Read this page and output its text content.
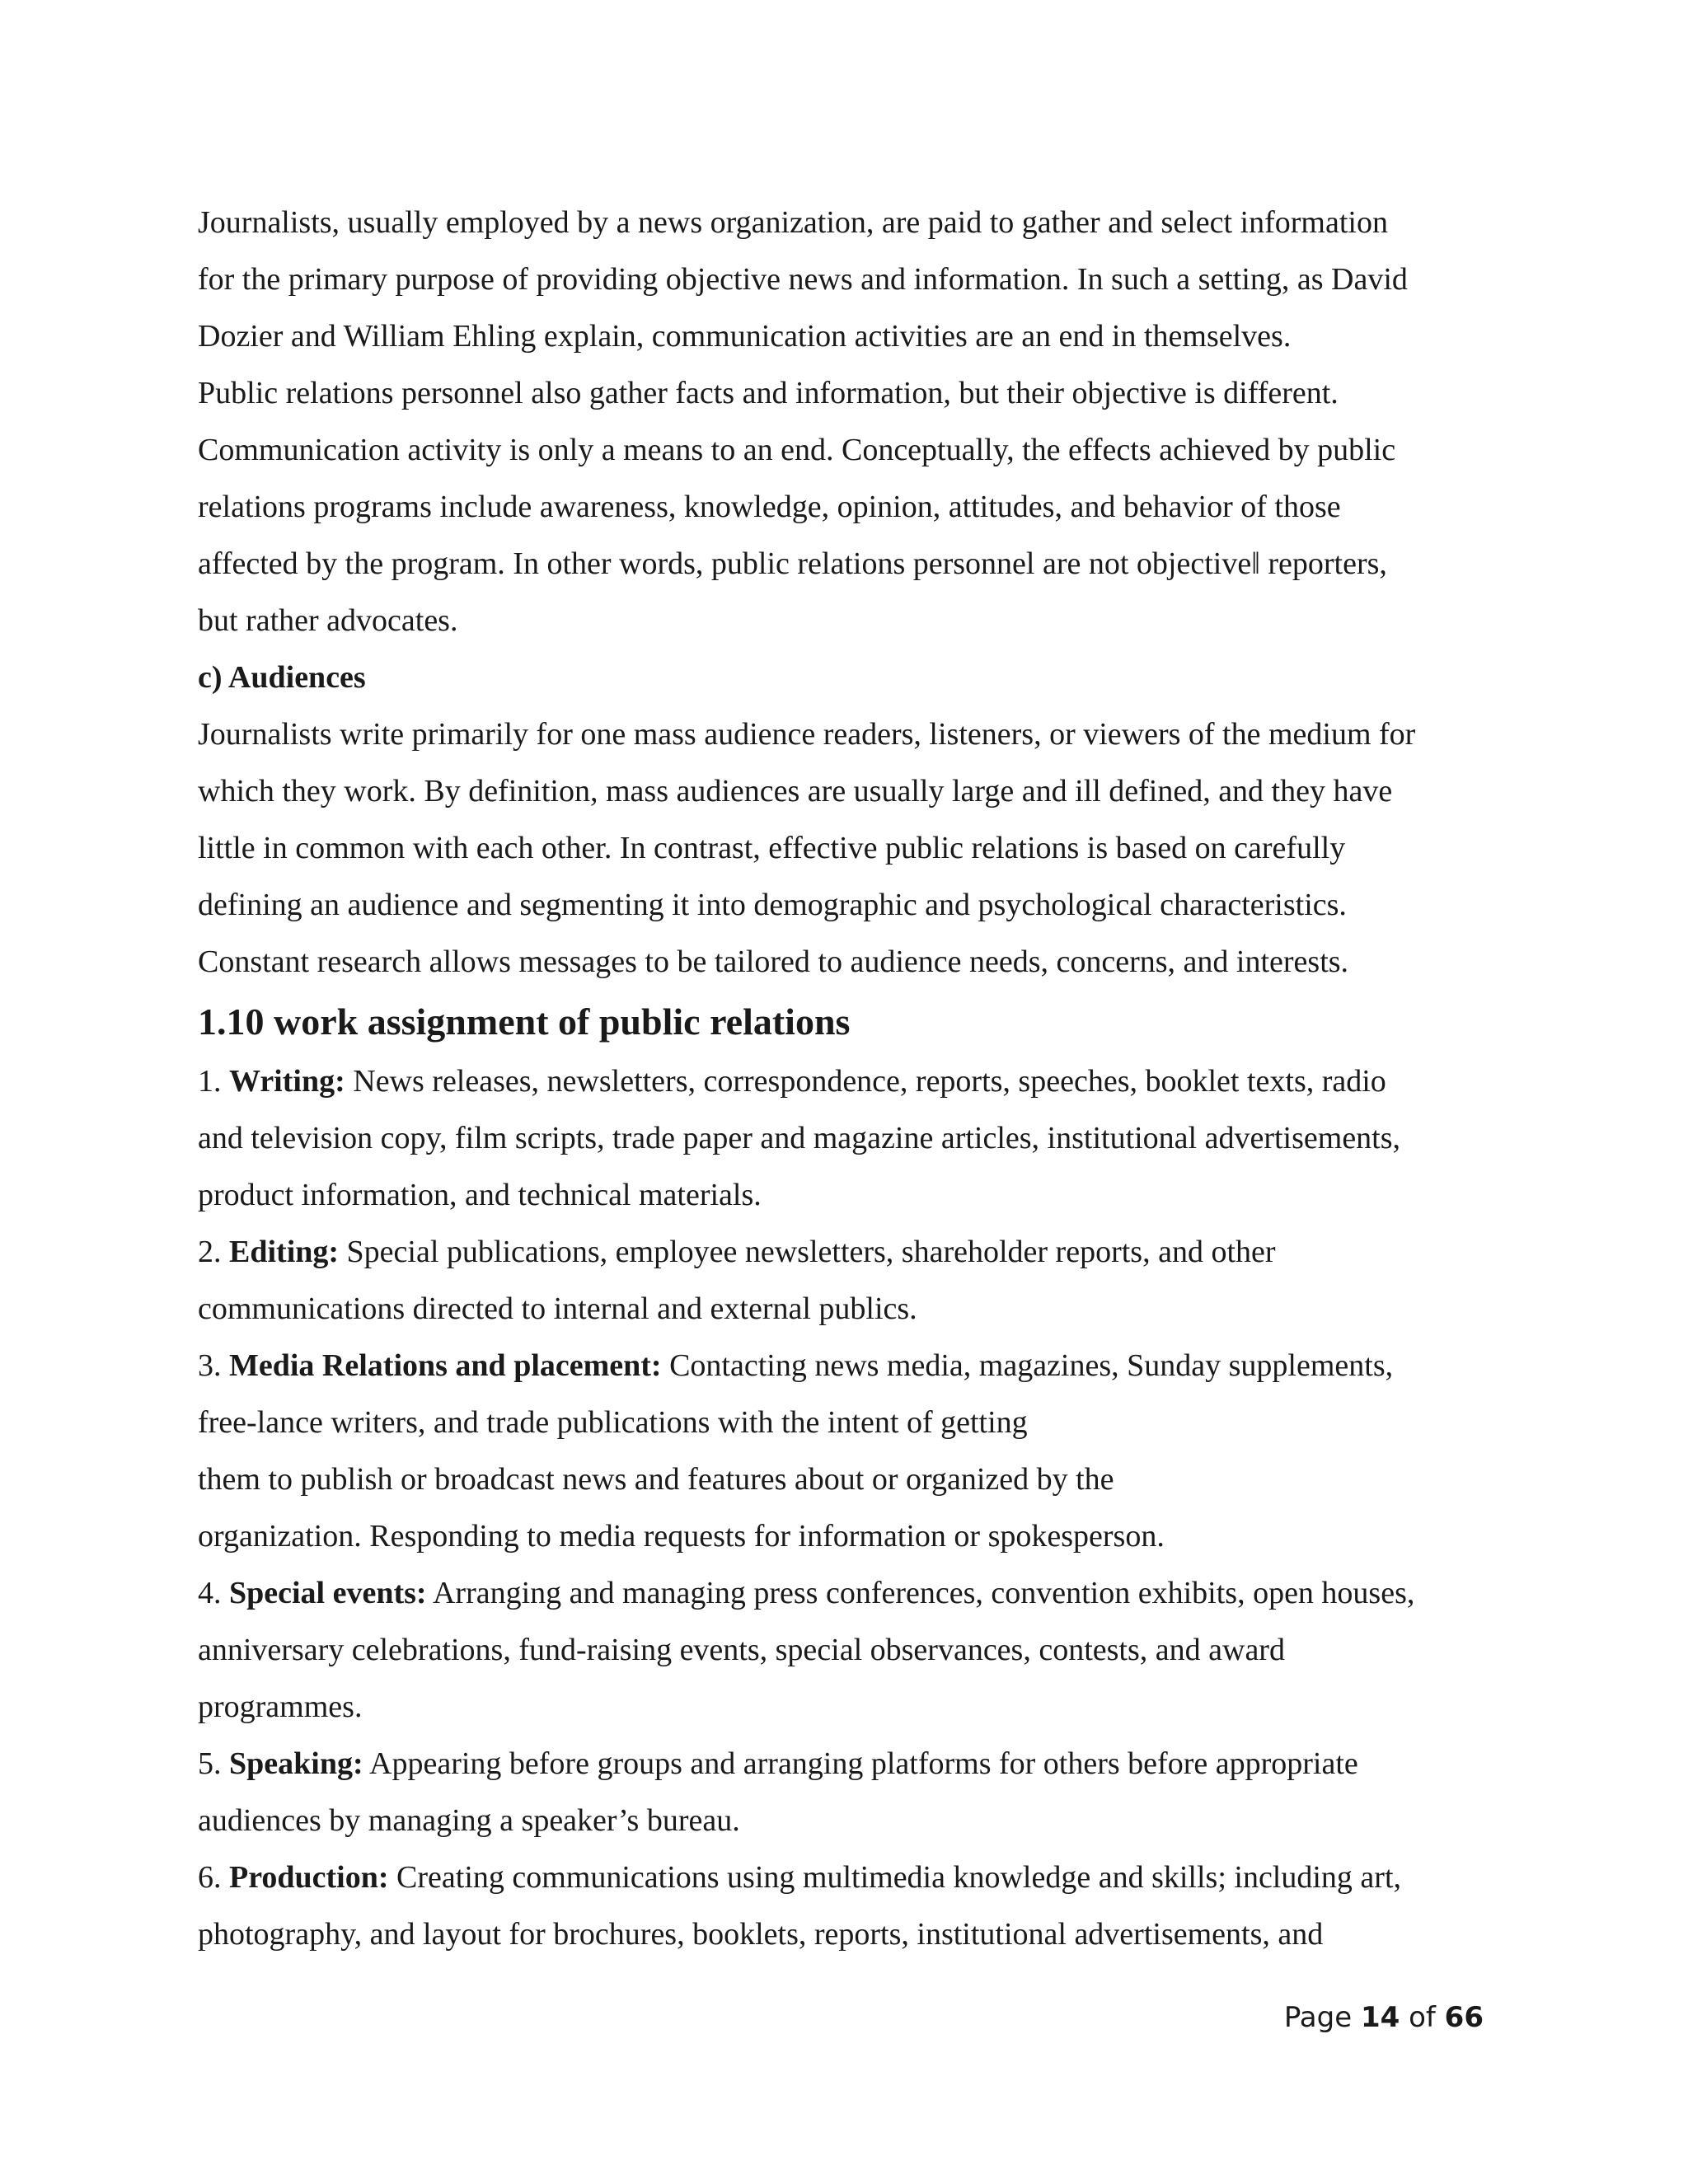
Journalists, usually employed by a news organization, are paid to gather and select information
for the primary purpose of providing objective news and information. In such a setting, as David
Dozier and William Ehling explain, communication activities are an end in themselves.
Public relations personnel also gather facts and information, but their objective is different.
Communication activity is only a means to an end. Conceptually, the effects achieved by public
relations programs include awareness, knowledge, opinion, attitudes, and behavior of those
affected by the program. In other words, public relations personnel are not objective‖ reporters,
but rather advocates.
c) Audiences
Journalists write primarily for one mass audience readers, listeners, or viewers of the medium for
which they work. By definition, mass audiences are usually large and ill defined, and they have
little in common with each other. In contrast, effective public relations is based on carefully
defining an audience and segmenting it into demographic and psychological characteristics.
Constant research allows messages to be tailored to audience needs, concerns, and interests.
1.10 work assignment of public relations
1. Writing: News releases, newsletters, correspondence, reports, speeches, booklet texts, radio
and television copy, film scripts, trade paper and magazine articles, institutional advertisements,
product information, and technical materials.
2. Editing: Special publications, employee newsletters, shareholder reports, and other
communications directed to internal and external publics.
3. Media Relations and placement: Contacting news media, magazines, Sunday supplements,
free-lance writers, and trade publications with the intent of getting
them to publish or broadcast news and features about or organized by the
organization. Responding to media requests for information or spokesperson.
4. Special events: Arranging and managing press conferences, convention exhibits, open houses,
anniversary celebrations, fund-raising events, special observances, contests, and award
programmes.
5. Speaking: Appearing before groups and arranging platforms for others before appropriate
audiences by managing a speaker’s bureau.
6. Production: Creating communications using multimedia knowledge and skills; including art,
photography, and layout for brochures, booklets, reports, institutional advertisements, and
Page 14 of 66
